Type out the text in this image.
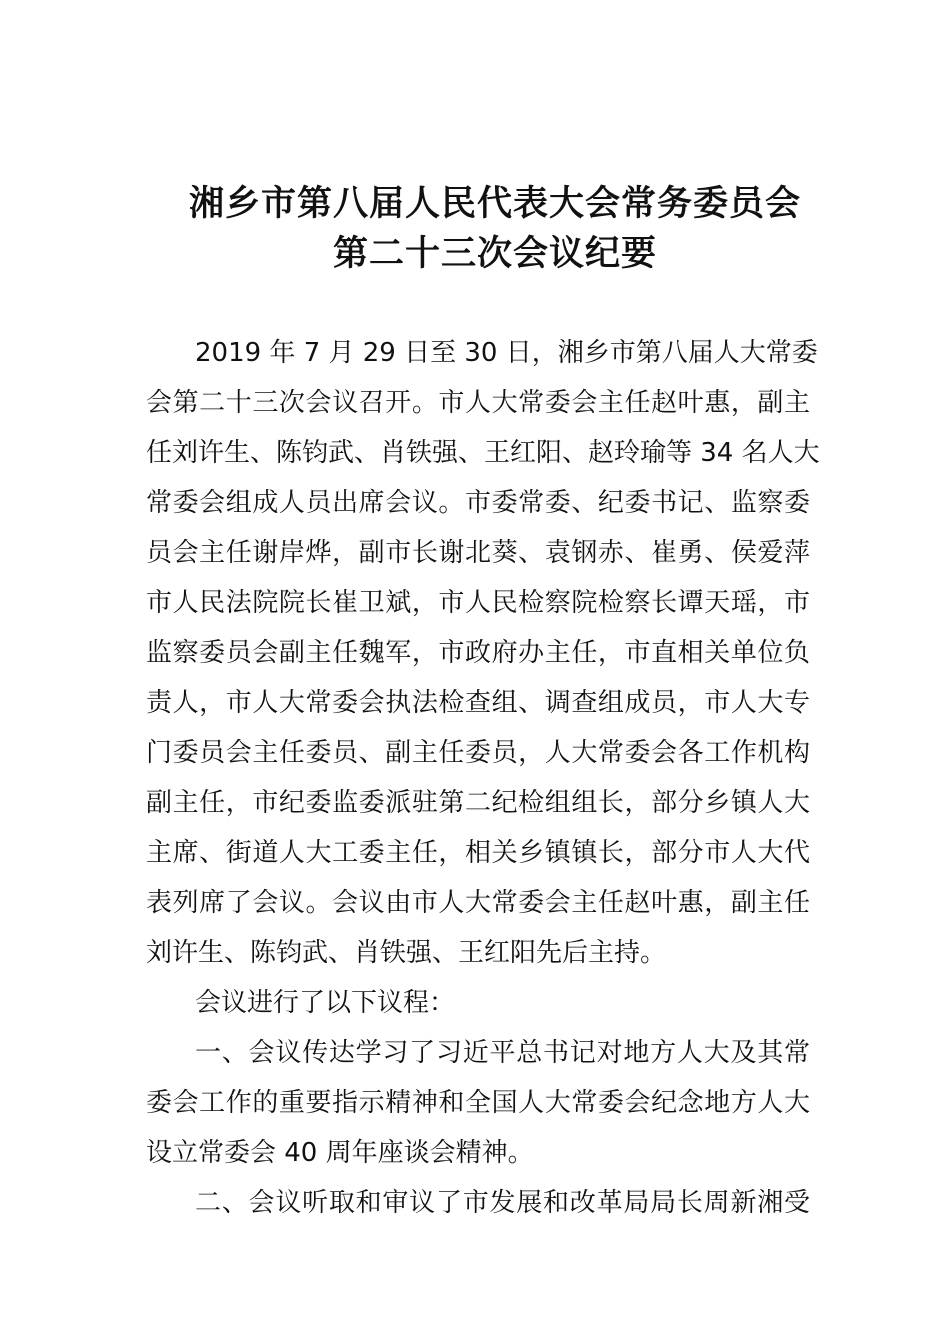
湘乡市第八届人民代表大会常务委员会
第二十三次会议纪要
2019 年 7 月 29 日至 30 日，湘乡市第八届人大常委
会第二十三次会议召开。市人大常委会主任赵叶惠，副主
任刘许生、陈钧武、肖铁强、王红阳、赵玲瑜等 34 名人大
常委会组成人员出席会议。市委常委、纪委书记、监察委
员会主任谢岸烨，副市长谢北葵、袁钢赤、崔勇、侯爱萍
市人民法院院长崔卫斌，市人民检察院检察长谭天瑶，市
监察委员会副主任魏军，市政府办主任，市直相关单位负
责人，市人大常委会执法检查组、调查组成员，市人大专
门委员会主任委员、副主任委员，人大常委会各工作机构
副主任，市纪委监委派驻第二纪检组组长，部分乡镇人大
主席、街道人大工委主任，相关乡镇镇长，部分市人大代
表列席了会议。会议由市人大常委会主任赵叶惠，副主任
刘许生、陈钧武、肖铁强、王红阳先后主持。
会议进行了以下议程：
一、会议传达学习了习近平总书记对地方人大及其常
委会工作的重要指示精神和全国人大常委会纪念地方人大
设立常委会 40 周年座谈会精神。
二、会议听取和审议了市发展和改革局局长周新湘受
